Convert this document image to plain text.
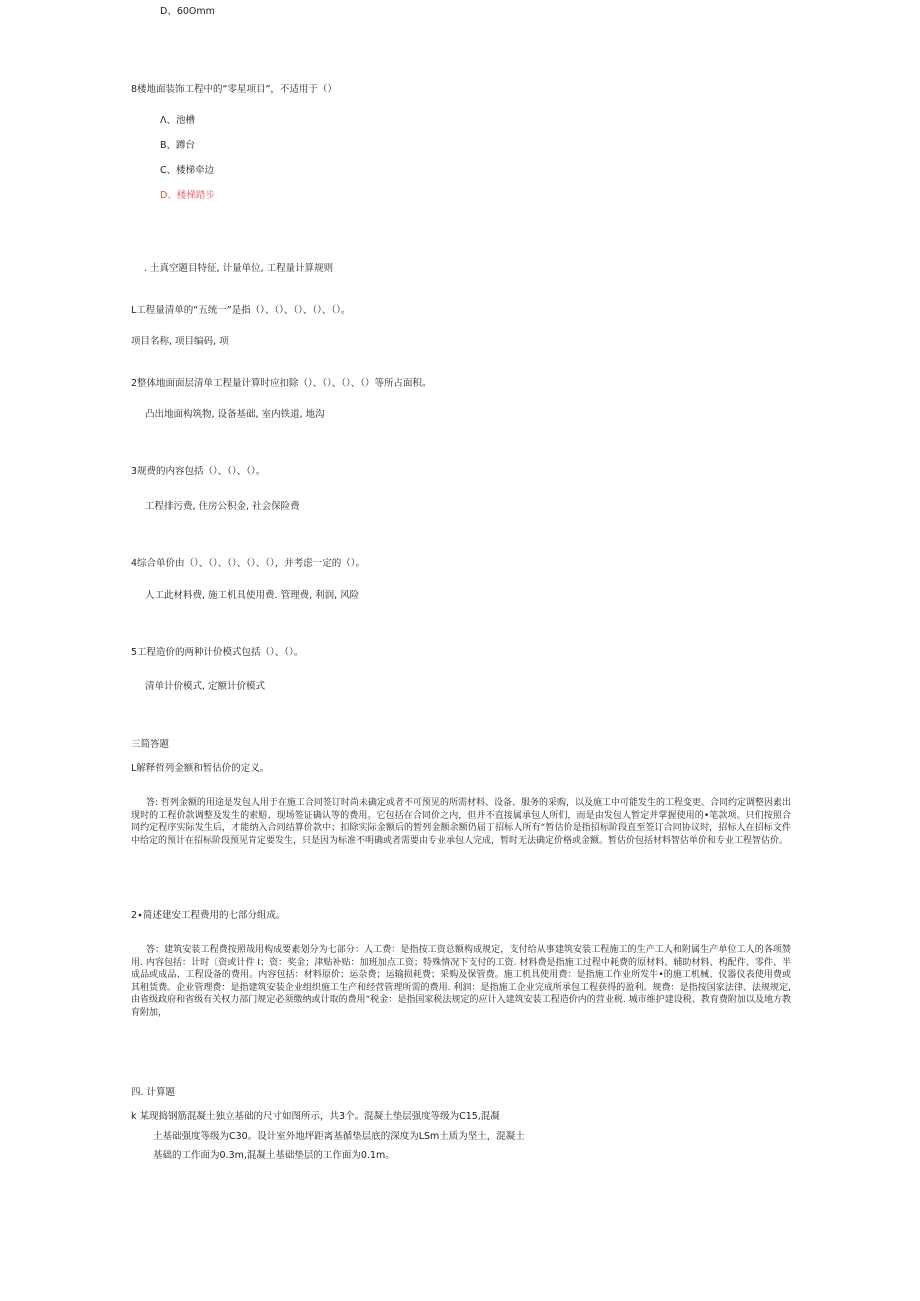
D、60Omm
8楼地面装饰工程中的“零星项目”，不适用于（）
Λ、池槽
B、蹲台
C、楼梯牵边
D、楼梯踏步
. 土真空题目特征, 计量单位, 工程量计算规则
L工程量清单的“五统一”是指（）、（）、（）、（）、（）。
项目名称, 项目编码, 项
2整体地面面层清单工程量计算时应扣除（）、（）、（）、（）等所占面积。
凸出地面构筑物, 设备基础, 室内铁道, 地沟
3规费的内容包括（）、（）、（）。
工程排污费, 住房公积金, 社会保险费
4综合单价由（）、（）、（）、（）、（），并考虑一定的（）。
人工此材料费, 施工机具使用费. 管理费, 利润, 风险
5工程造价的两种计价模式包括（）、（）。
清单计价模式, 定额计价模式
三简答题
L解释哲列金额和暂估价的定义。
答: 哲列金额的用途是发包人用于在施工合同签订时尚未确定或者不可预见的所需材料、设备、服务的采购，以及施工中可能发生的工程变更、合同约定调整因素出现时的工程价款调整及发生的索赔、现场签证确认等的费用。它包括在合同价之内，但并不直接属承包人所们，而是由发包人暂定并掌握使用的•笔款项。只们按照合同约定程序实际发生后，才能纳入合同结算价款中；扣除实际金额后的暂列金额余额仍届丁招标人所有“暂估价是指招标阶段直至签订合同协议时，招标人在招标文件中给定的预计在招标阶段预见肯定要发生，只是因为标准不明确或者需要由专业承包人完成，暂时无法确定价格或金额。暂估价包括材料智估单价和专业工程智估价。
2∙简述建安工程费用的七部分组成。
答：建筑安装工程费按照哉用构成要素划分为七部分：人工费：是指按工资总额构成规定，支付给从事建筑安装工程施工的生产工人和附属生产单位工人的各项赞用. 内容包括：计时〔资或计件 I；资：奖金；津贴补贴：加班加点工资；特殊情况下支付的工资. 材料费是指施工过程中耗费的原材料、辅助材料、构配件、零件、半成品或成品、工程设备的费用。内容包括：材料原价；运杂费；运输损耗费；采购及保管费。施工机具使用费：是指施工作业所发牛•的施工机械、仪器仪表使用费或其租赁费。企业管理费：是指建筑安装企业组织施工生产和经营管理所需的费用. 利润：是指施工企业完成所承包工程获得的盈利。规费：是指按国家法律、法规规定, 由省级政府和省级有关权力部门规定必须缴纳或计取的费用“税金：是指国家税法规定的应计入建筑安装工程造价内的营业税. 城市维护建设税、教育费附加以及地方教育附加，
四. 计算题
k 某现捣钢筋混凝土独立基础的尺寸如图所示，共3个。混凝土垫层强度等级为C15,混凝
土基础强度等级为C30。设计室外地坪距离基循垫层底的深度为LSm土质为坚土，混凝土
基础的工作面为0.3m,混凝土基础垫层的工作面为0.1m。
